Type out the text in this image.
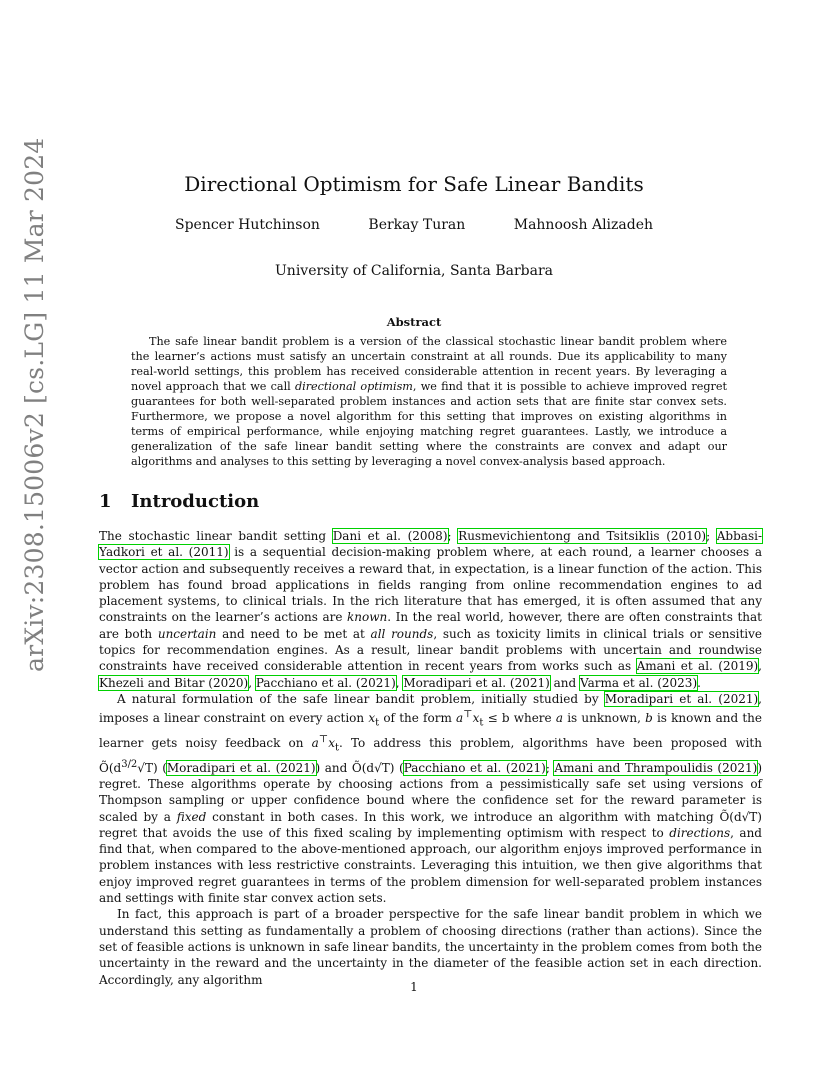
arXiv:2308.15006v2 [cs.LG] 11 Mar 2024	Directional Optimism for Safe Linear Bandits
Spencer Hutchinson	Berkay Turan	Mahnoosh Alizadeh
University of California, Santa Barbara
Abstract
The safe linear bandit problem is a version of the classical stochastic linear bandit problem where the learner’s actions must satisfy an uncertain constraint at all rounds. Due its applicability to many real-world settings, this problem has received considerable attention in recent years. By leveraging a novel approach that we call directional optimism, we find that it is possible to achieve improved regret guarantees for both well-separated problem instances and action sets that are finite star convex sets. Furthermore, we propose a novel algorithm for this setting that improves on existing algorithms in terms of empirical performance, while enjoying matching regret guarantees. Lastly, we introduce a generalization of the safe linear bandit setting where the constraints are convex and adapt our algorithms and analyses to this setting by leveraging a novel convex-analysis based approach.
1 Introduction

The stochastic linear bandit setting Dani et al. (2008); Rusmevichientong and Tsitsiklis (2010); Abbasi-Yadkori et al. (2011) is a sequential decision-making problem where, at each round, a learner chooses a vector action and subsequently receives a reward that, in expectation, is a linear function of the action. This problem has found broad applications in fields ranging from online recommendation engines to ad placement systems, to clinical trials. In the rich literature that has emerged, it is often assumed that any constraints on the learner’s actions are known. In the real world, however, there are often constraints that are both uncertain and need to be met at all rounds, such as toxicity limits in clinical trials or sensitive topics for recommendation engines. As a result, linear bandit problems with uncertain and roundwise constraints have received considerable attention in recent years from works such as Amani et al. (2019), Khezeli and Bitar (2020), Pacchiano et al. (2021), Moradipari et al. (2021) and Varma et al. (2023).

A natural formulation of the safe linear bandit problem, initially studied by Moradipari et al. (2021), imposes a linear constraint on every action $x_t$ of the form $a^⊤x_t \le b$ where a is unknown, b is known and the learner gets noisy feedback on $a^⊤x_t$. To address this problem, algorithms have been proposed with $Õ(d^{3/2}√T)$ (Moradipari et al. (2021)) and Õ(d√T) (Pacchiano et al. (2021); Amani and Thrampoulidis (2021)) regret. These algorithms operate by choosing actions from a pessimistically safe set using versions of Thompson sampling or upper confidence bound where the confidence set for the reward parameter is scaled by a fixed constant in both cases. In this work, we introduce an algorithm with matching Õ(d√T) regret that avoids the use of this fixed scaling by implementing optimism with respect to directions, and find that, when compared to the above-mentioned approach, our algorithm enjoys improved performance in problem instances with less restrictive constraints. Leveraging this intuition, we then give algorithms that enjoy improved regret guarantees in terms of the problem dimension for well-separated problem instances and settings with finite star convex action sets.

In fact, this approach is part of a broader perspective for the safe linear bandit problem in which we understand this setting as fundamentally a problem of choosing directions (rather than actions). Since the set of feasible actions is unknown in safe linear bandits, the uncertainty in the problem comes from both the uncertainty in the reward and the uncertainty in the diameter of the feasible action set in each direction. Accordingly, any algorithm

1
